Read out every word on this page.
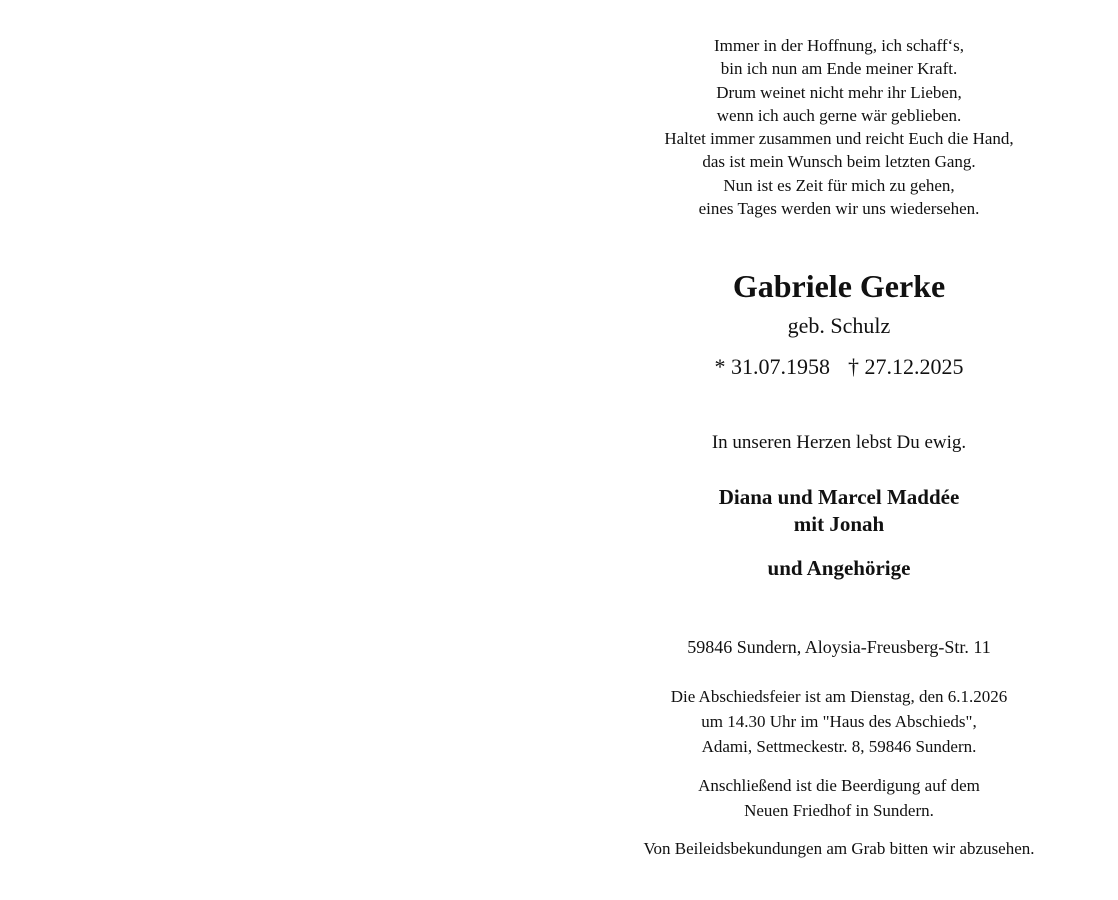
Immer in der Hoffnung, ich schaff‘s,
bin ich nun am Ende meiner Kraft.
Drum weinet nicht mehr ihr Lieben,
wenn ich auch gerne wär geblieben.
Haltet immer zusammen und reicht Euch die Hand,
das ist mein Wunsch beim letzten Gang.
Nun ist es Zeit für mich zu gehen,
eines Tages werden wir uns wiedersehen.
Gabriele Gerke
geb. Schulz
* 31.07.1958 † 27.12.2025
In unseren Herzen lebst Du ewig.
Diana und Marcel Maddée
mit Jonah
und Angehörige
59846 Sundern, Aloysia-Freusberg-Str. 11
Die Abschiedsfeier ist am Dienstag, den 6.1.2026
um 14.30 Uhr im "Haus des Abschieds",
Adami, Settmeckestr. 8, 59846 Sundern.
Anschließend ist die Beerdigung auf dem
Neuen Friedhof in Sundern.
Von Beileidsbekundungen am Grab bitten wir abzusehen.
